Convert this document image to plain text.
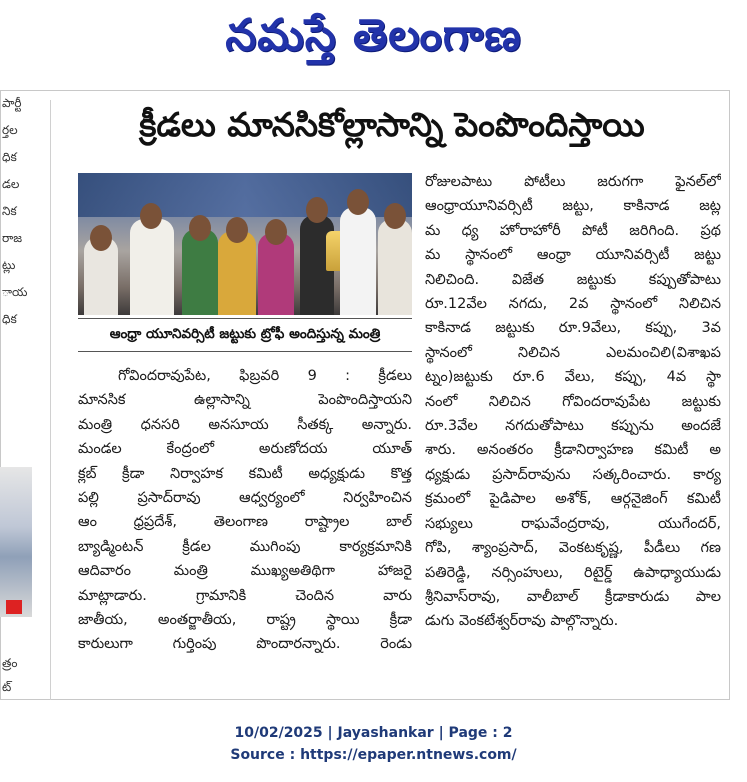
నమస్తే తెలంగాణ
పార్టీ
ర్తల
ధిక
డల
నిక
రాజ
ట్లు
ాయ
ధిక
త్రం
ట్
క్రీడలు మానసికోల్లాసాన్ని పెంపొందిస్తాయి
ఆంధ్రా యూనివర్సిటీ జట్టుకు ట్రోఫీ అందిస్తున్న మంత్రి

గోవిందరావుపేట, ఫిబ్రవరి 9 : క్రీడలు

మానసిక ఉల్లాసాన్ని పెంపొందిస్తాయని

మంత్రి ధనసరి అనసూయ సీతక్క అన్నారు.

మండల కేంద్రంలో అరుణోదయ యూత్

క్లబ్ క్రీడా నిర్వాహక కమిటీ అధ్యక్షుడు కొత్త

పల్లి ప్రసాద్‌రావు ఆధ్వర్యంలో నిర్వహించిన

ఆం ధ్రప్రదేశ్, తెలంగాణ రాష్ట్రాల బాల్

బ్యాడ్మింటన్ క్రీడల ముగింపు కార్యక్రమానికి

ఆదివారం మంత్రి ముఖ్యఅతిథిగా హాజరై

మాట్లాడారు. గ్రామానికి చెందిన వారు

జాతీయ, అంతర్జాతీయ, రాష్ట్ర స్థాయి క్రీడా

కారులుగా గుర్తింపు పొందారన్నారు. రెండు

రోజులపాటు పోటీలు జరుగగా ఫైనల్‌లో

ఆంధ్రాయూనివర్సిటీ జట్టు, కాకినాడ జట్ల

మ ధ్య హోరాహోరీ పోటీ జరిగింది. ప్రథ

మ స్థానంలో ఆంధ్రా యూనివర్సిటీ జట్టు

నిలిచింది. విజేత జట్టుకు కప్పుతోపాటు

రూ.12వేల నగదు, 2వ స్థానంలో నిలిచిన

కాకినాడ జట్టుకు రూ.9వేలు, కప్పు, 3వ

స్థానంలో నిలిచిన ఎలమంచిలి(విశాఖప

ట్నం)జట్టుకు రూ.6 వేలు, కప్పు, 4వ స్థా

నంలో నిలిచిన గోవిందరావుపేట జట్టుకు

రూ.3వేల నగదుతోపాటు కప్పును అందజే

శారు. అనంతరం క్రీడానిర్వాహణ కమిటీ అ

ధ్యక్షుడు ప్రసాద్‌రావును సత్కరించారు. కార్య

క్రమంలో పైడిపాల అశోక్, ఆర్గనైజింగ్ కమిటీ

సభ్యులు రాఘవేంద్రరావు, యుగేందర్,

గోపి, శ్యాంప్రసాద్, వెంకటకృష్ణ, పీడీలు గణ

పతిరెడ్డి, నర్సింహులు, రిటైర్డ్ ఉపాధ్యాయుడు

శ్రీనివాస్‌రావు, వాలీబాల్ క్రీడాకారుడు పాల

డుగు వెంకటేశ్వర్‌రావు పాల్గొన్నారు.

10/02/2025 | Jayashankar | Page : 2
Source : https://epaper.ntnews.com/
